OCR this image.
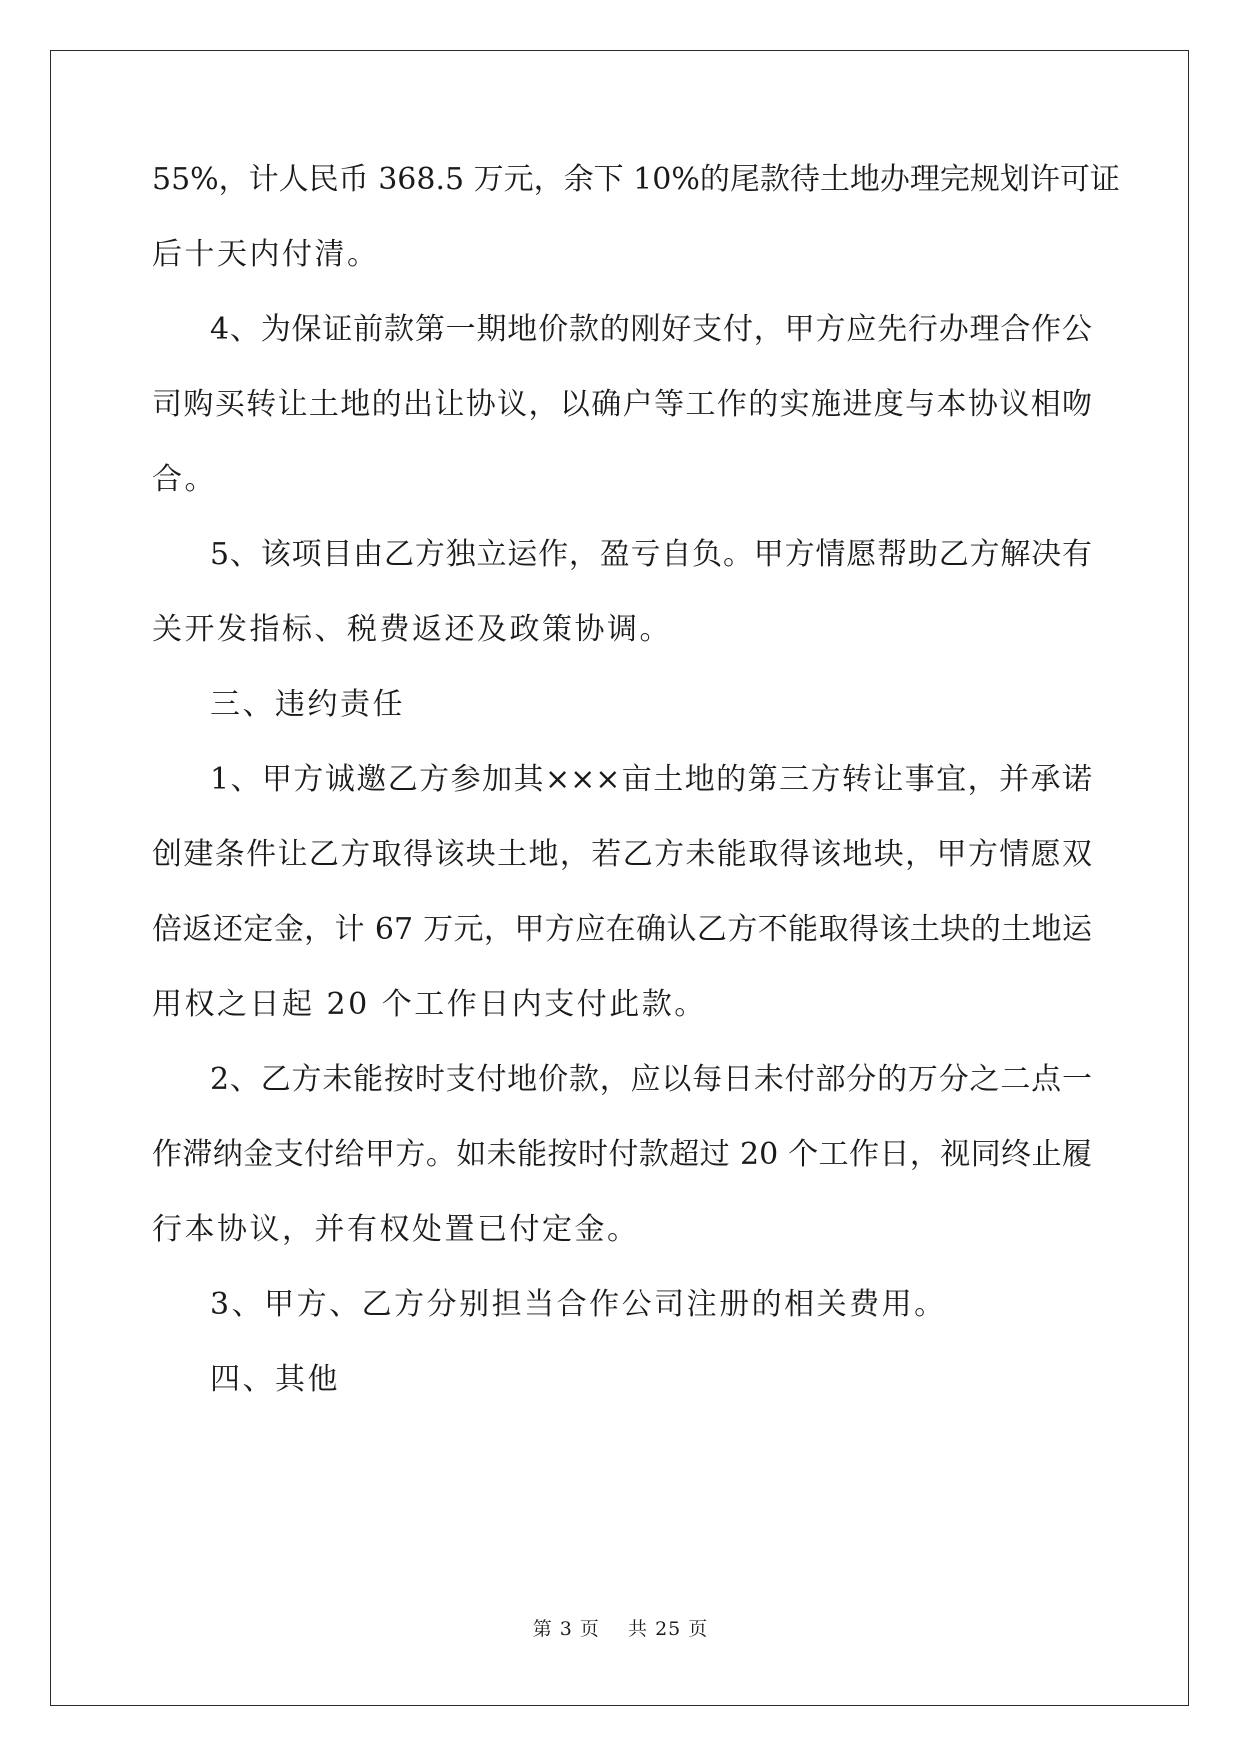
55%，计人民币 368.5 万元，余下 10%的尾款待土地办理完规划许可证
后十天内付清。
4、为保证前款第一期地价款的刚好支付，甲方应先行办理合作公
司购买转让土地的出让协议，以确户等工作的实施进度与本协议相吻
合。
5、该项目由乙方独立运作，盈亏自负。甲方情愿帮助乙方解决有
关开发指标、税费返还及政策协调。
三、违约责任
1、甲方诚邀乙方参加其×××亩土地的第三方转让事宜，并承诺
创建条件让乙方取得该块土地，若乙方未能取得该地块，甲方情愿双
倍返还定金，计 67 万元，甲方应在确认乙方不能取得该土块的土地运
用权之日起 20 个工作日内支付此款。
2、乙方未能按时支付地价款，应以每日未付部分的万分之二点一
作滞纳金支付给甲方。如未能按时付款超过 20 个工作日，视同终止履
行本协议，并有权处置已付定金。
3、甲方、乙方分别担当合作公司注册的相关费用。
四、其他
第 3 页 共 25 页
